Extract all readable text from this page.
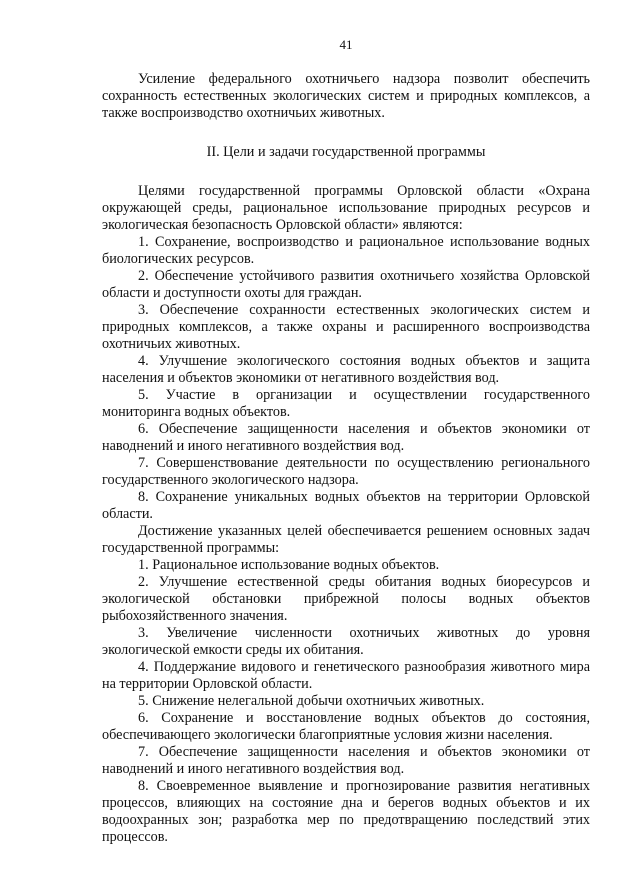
41

Усиление федерального охотничьего надзора позволит обеспечить сохранность естественных экологических систем и природных комплексов, а также воспроизводство охотничьих животных.

II. Цели и задачи государственной программы

Целями государственной программы Орловской области «Охрана окружающей среды, рациональное использование природных ресурсов и экологическая безопасность Орловской области» являются:

1. Сохранение, воспроизводство и рациональное использование водных биологических ресурсов.
2. Обеспечение устойчивого развития охотничьего хозяйства Орловской области и доступности охоты для граждан.
3. Обеспечение сохранности естественных экологических систем и природных комплексов, а также охраны и расширенного воспроизводства охотничьих животных.
4. Улучшение экологического состояния водных объектов и защита населения и объектов экономики от негативного воздействия вод.
5. Участие в организации и осуществлении государственного мониторинга водных объектов.
6. Обеспечение защищенности населения и объектов экономики от наводнений и иного негативного воздействия вод.
7. Совершенствование деятельности по осуществлению регионального государственного экологического надзора.
8. Сохранение уникальных водных объектов на территории Орловской области.

Достижение указанных целей обеспечивается решением основных задач государственной программы:

1. Рациональное использование водных объектов.
2. Улучшение естественной среды обитания водных биоресурсов и экологической обстановки прибрежной полосы водных объектов рыбохозяйственного значения.
3. Увеличение численности охотничьих животных до уровня экологической емкости среды их обитания.
4. Поддержание видового и генетического разнообразия животного мира на территории Орловской области.
5. Снижение нелегальной добычи охотничьих животных.
6. Сохранение и восстановление водных объектов до состояния, обеспечивающего экологически благоприятные условия жизни населения.
7. Обеспечение защищенности населения и объектов экономики от наводнений и иного негативного воздействия вод.
8. Своевременное выявление и прогнозирование развития негативных процессов, влияющих на состояние дна и берегов водных объектов и их водоохранных зон; разработка мер по предотвращению последствий этих процессов.
